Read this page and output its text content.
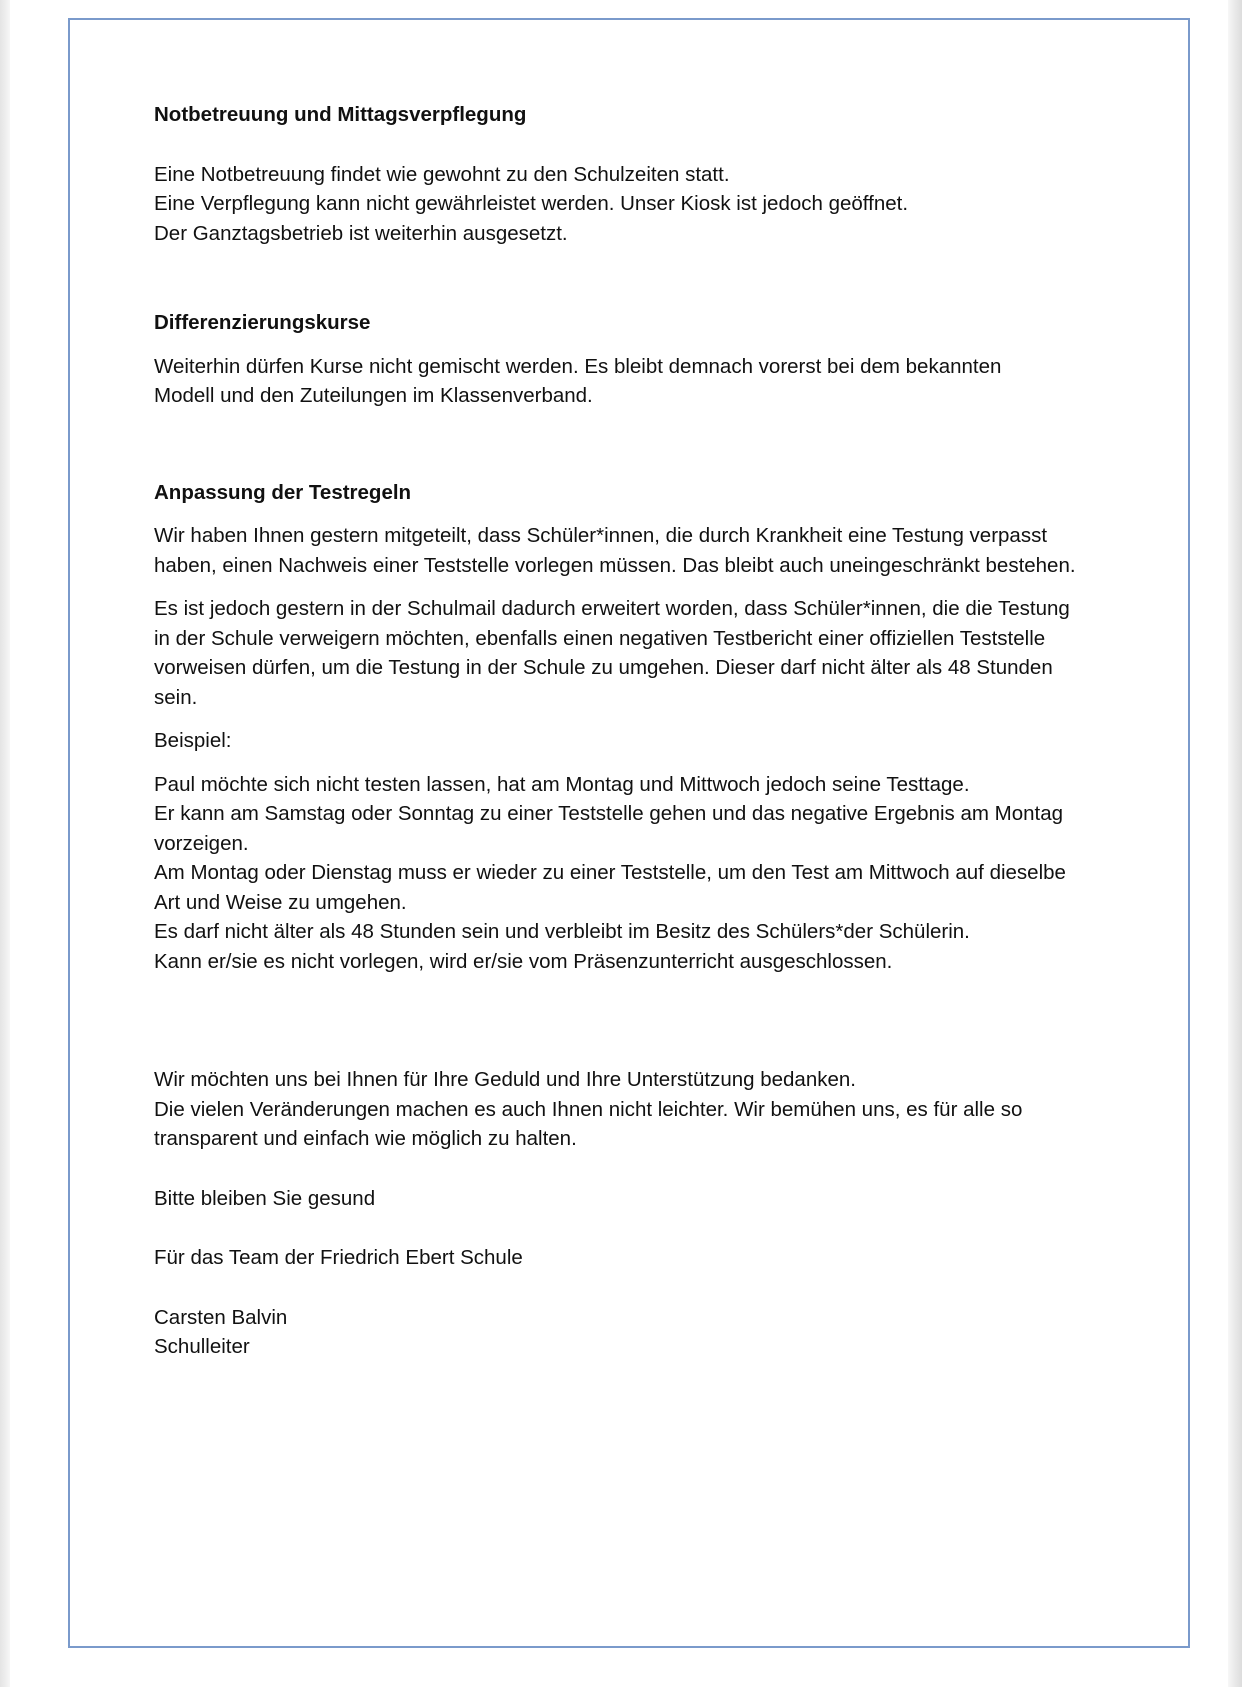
Notbetreuung und Mittagsverpflegung

Eine Notbetreuung findet wie gewohnt zu den Schulzeiten statt.
Eine Verpflegung kann nicht gewährleistet werden. Unser Kiosk ist jedoch geöffnet.
Der Ganztagsbetrieb ist weiterhin ausgesetzt.

Differenzierungskurse

Weiterhin dürfen Kurse nicht gemischt werden. Es bleibt demnach vorerst bei dem bekannten
Modell und den Zuteilungen im Klassenverband.

Anpassung der Testregeln

Wir haben Ihnen gestern mitgeteilt, dass Schüler*innen, die durch Krankheit eine Testung verpasst
haben, einen Nachweis einer Teststelle vorlegen müssen. Das bleibt auch uneingeschränkt bestehen.

Es ist jedoch gestern in der Schulmail dadurch erweitert worden, dass Schüler*innen, die die Testung
in der Schule verweigern möchten, ebenfalls einen negativen Testbericht einer offiziellen Teststelle
vorweisen dürfen, um die Testung in der Schule zu umgehen. Dieser darf nicht älter als 48 Stunden
sein.

Beispiel:

Paul möchte sich nicht testen lassen, hat am Montag und Mittwoch jedoch seine Testtage.
Er kann am Samstag oder Sonntag zu einer Teststelle gehen und das negative Ergebnis am Montag
vorzeigen.
Am Montag oder Dienstag muss er wieder zu einer Teststelle, um den Test am Mittwoch auf dieselbe
Art und Weise zu umgehen.
Es darf nicht älter als 48 Stunden sein und verbleibt im Besitz des Schülers*der Schülerin.
Kann er/sie es nicht vorlegen, wird er/sie vom Präsenzunterricht ausgeschlossen.

Wir möchten uns bei Ihnen für Ihre Geduld und Ihre Unterstützung bedanken.
Die vielen Veränderungen machen es auch Ihnen nicht leichter. Wir bemühen uns, es für alle so
transparent und einfach wie möglich zu halten.

Bitte bleiben Sie gesund

Für das Team der Friedrich Ebert Schule

Carsten Balvin
Schulleiter
